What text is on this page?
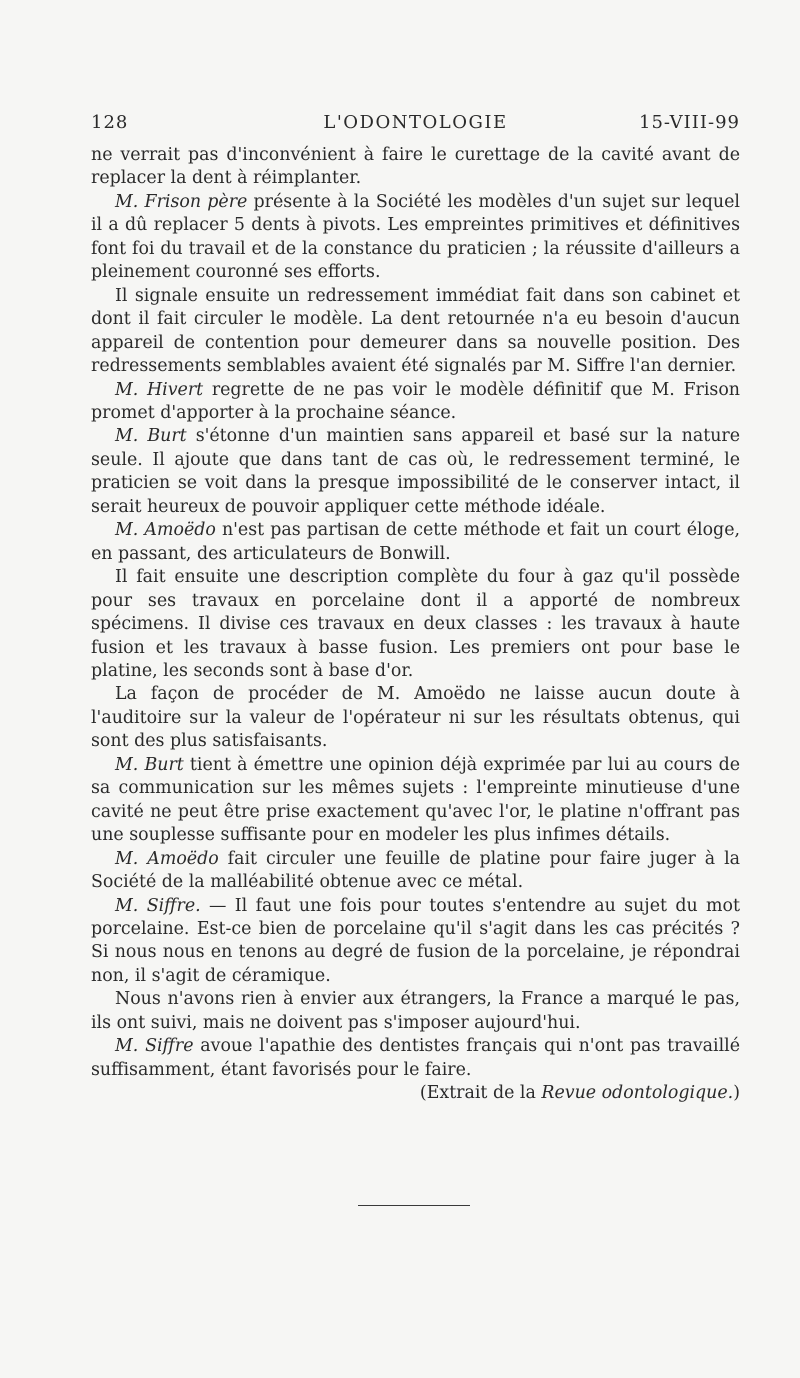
128	L'ODONTOLOGIE	15-VIII-99

ne verrait pas d'inconvénient à faire le curettage de la cavité avant de replacer la dent à réimplanter.

M. Frison père présente à la Société les modèles d'un sujet sur lequel il a dû replacer 5 dents à pivots. Les empreintes primitives et définitives font foi du travail et de la constance du praticien ; la réussite d'ailleurs a pleinement couronné ses efforts.

Il signale ensuite un redressement immédiat fait dans son cabinet et dont il fait circuler le modèle. La dent retournée n'a eu besoin d'aucun appareil de contention pour demeurer dans sa nouvelle position. Des redressements semblables avaient été signalés par M. Siffre l'an dernier.

M. Hivert regrette de ne pas voir le modèle définitif que M. Frison promet d'apporter à la prochaine séance.

M. Burt s'étonne d'un maintien sans appareil et basé sur la nature seule. Il ajoute que dans tant de cas où, le redressement terminé, le praticien se voit dans la presque impossibilité de le conserver intact, il serait heureux de pouvoir appliquer cette méthode idéale.

M. Amoëdo n'est pas partisan de cette méthode et fait un court éloge, en passant, des articulateurs de Bonwill.

Il fait ensuite une description complète du four à gaz qu'il possède pour ses travaux en porcelaine dont il a apporté de nombreux spécimens. Il divise ces travaux en deux classes : les travaux à haute fusion et les travaux à basse fusion. Les premiers ont pour base le platine, les seconds sont à base d'or.

La façon de procéder de M. Amoëdo ne laisse aucun doute à l'auditoire sur la valeur de l'opérateur ni sur les résultats obtenus, qui sont des plus satisfaisants.

M. Burt tient à émettre une opinion déjà exprimée par lui au cours de sa communication sur les mêmes sujets : l'empreinte minutieuse d'une cavité ne peut être prise exactement qu'avec l'or, le platine n'offrant pas une souplesse suffisante pour en modeler les plus infimes détails.

M. Amoëdo fait circuler une feuille de platine pour faire juger à la Société de la malléabilité obtenue avec ce métal.

M. Siffre. — Il faut une fois pour toutes s'entendre au sujet du mot porcelaine. Est-ce bien de porcelaine qu'il s'agit dans les cas précités ? Si nous nous en tenons au degré de fusion de la porcelaine, je répondrai non, il s'agit de céramique.

Nous n'avons rien à envier aux étrangers, la France a marqué le pas, ils ont suivi, mais ne doivent pas s'imposer aujourd'hui.

M. Siffre avoue l'apathie des dentistes français qui n'ont pas travaillé suffisamment, étant favorisés pour le faire.

(Extrait de la Revue odontologique.)
